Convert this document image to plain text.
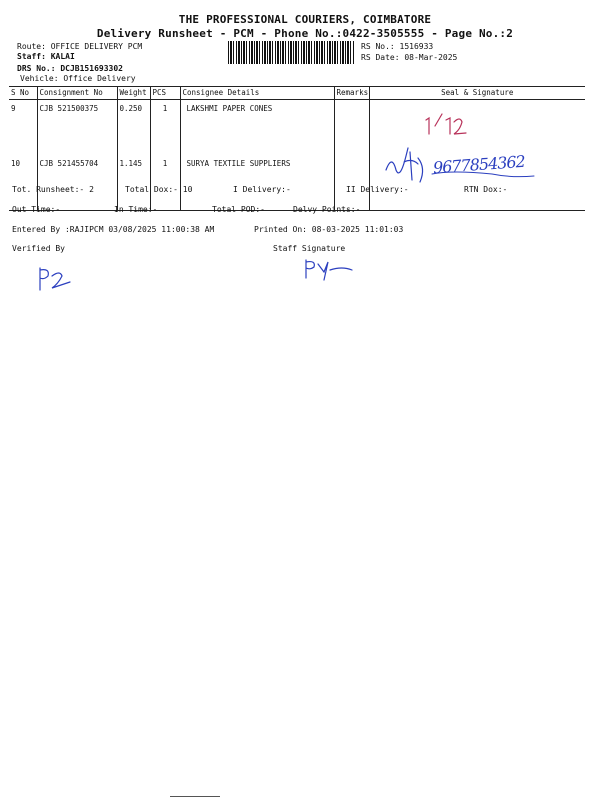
THE PROFESSIONAL COURIERS, COIMBATORE
Delivery Runsheet - PCM - Phone No.:0422-3505555 - Page No.:2
Route: OFFICE DELIVERY PCM
Staff: KALAI
DRS No.: DCJB151693302
Vehicle: Office Delivery
RS No.: 1516933
RS Date: 08-Mar-2025
S No	Consignment No	Weight	PCS	Consignee Details	Remarks	Seal & Signature
9	CJB 521500375	0.250	1	LAKSHMI PAPER CONES		
10	CJB 521455704	1.145	1	SURYA TEXTILE SUPPLIERS			9677854362
Tot. Runsheet:- 2	Total Dox:- 10	I Delivery:-	II Delivery:-	RTN Dox:-
Out Time:-	In Time:-	Total POD:-	Delvy Points:-
Entered By :RAJIPCM 03/08/2025 11:00:38 AM	Printed On: 08-03-2025 11:01:03
Verified By	Staff Signature
